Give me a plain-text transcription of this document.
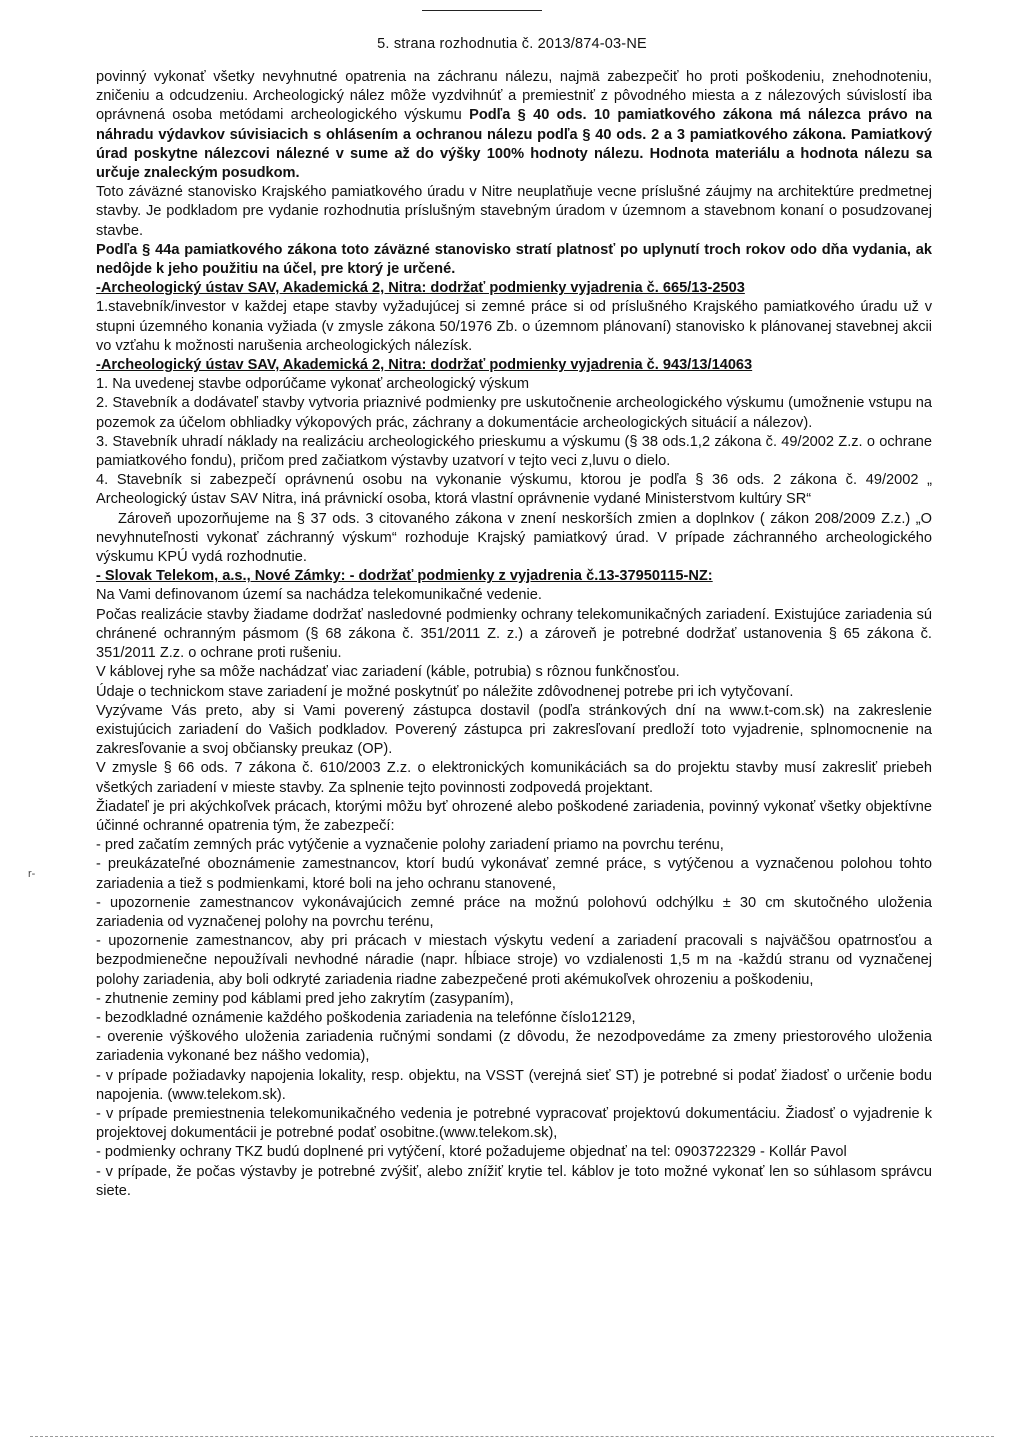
5. strana rozhodnutia č. 2013/874-03-NE

povinný vykonať všetky nevyhnutné opatrenia na záchranu nálezu, najmä zabezpečiť ho proti poškodeniu, znehodnoteniu, zničeniu a odcudzeniu. Archeologický nález môže vyzdvihnúť a premiestniť z pôvodného miesta a z nálezových súvislostí iba oprávnená osoba metódami archeologického výskumu Podľa § 40 ods. 10 pamiatkového zákona má nálezca právo na náhradu výdavkov súvisiacich s ohlásením a ochranou nálezu podľa § 40 ods. 2 a 3 pamiatkového zákona. Pamiatkový úrad poskytne nálezcovi nálezné v sume až do výšky 100% hodnoty nálezu. Hodnota materiálu a hodnota nálezu sa určuje znaleckým posudkom.

Toto záväzné stanovisko Krajského pamiatkového úradu v Nitre neuplatňuje vecne príslušné záujmy na architektúre predmetnej stavby. Je podkladom pre vydanie rozhodnutia príslušným stavebným úradom v územnom a stavebnom konaní o posudzovanej stavbe.

Podľa § 44a pamiatkového zákona toto záväzné stanovisko stratí platnosť po uplynutí troch rokov odo dňa vydania, ak nedôjde k jeho použitiu na účel, pre ktorý je určené.

-Archeologický ústav SAV, Akademická 2, Nitra: dodržať podmienky vyjadrenia č. 665/13-2503

1.stavebník/investor v každej etape stavby vyžadujúcej si zemné práce si od príslušného Krajského pamiatkového úradu už v stupni územného konania vyžiada (v zmysle zákona 50/1976 Zb. o územnom plánovaní) stanovisko k plánovanej stavebnej akcii vo vzťahu k možnosti narušenia archeologických nálezísk.

-Archeologický ústav SAV, Akademická 2, Nitra: dodržať podmienky vyjadrenia č. 943/13/14063

1. Na uvedenej stavbe odporúčame vykonať archeologický výskum

2. Stavebník a dodávateľ stavby vytvoria priaznivé podmienky pre uskutočnenie archeologického výskumu (umožnenie vstupu na pozemok za účelom obhliadky výkopových prác, záchrany a dokumentácie archeologických situácií a nálezov).

3. Stavebník uhradí náklady na realizáciu archeologického prieskumu a výskumu (§ 38 ods.1,2 zákona č. 49/2002 Z.z. o ochrane pamiatkového fondu), pričom pred začiatkom výstavby uzatvorí v tejto veci z,luvu o dielo.

4. Stavebník si zabezpečí oprávnenú osobu na vykonanie výskumu, ktorou je podľa § 36 ods. 2 zákona č. 49/2002 „ Archeologický ústav SAV Nitra, iná právnickí osoba, ktorá vlastní oprávnenie vydané Ministerstvom kultúry SR“

Zároveň upozorňujeme na § 37 ods. 3 citovaného zákona v znení neskorších zmien a doplnkov ( zákon 208/2009 Z.z.) „O nevyhnuteľnosti vykonať záchranný výskum“ rozhoduje Krajský pamiatkový úrad. V prípade záchranného archeologického výskumu KPÚ vydá rozhodnutie.

- Slovak Telekom, a.s., Nové Zámky: - dodržať podmienky z vyjadrenia č.13-37950115-NZ:

Na Vami definovanom území sa nachádza telekomunikačné vedenie.

Počas realizácie stavby žiadame dodržať nasledovné podmienky ochrany telekomunikačných zariadení. Existujúce zariadenia sú chránené ochranným pásmom (§ 68 zákona č. 351/2011 Z. z.) a zároveň je potrebné dodržať ustanovenia § 65 zákona č. 351/2011 Z.z. o ochrane proti rušeniu.

V káblovej ryhe sa môže nachádzať viac zariadení (káble, potrubia) s rôznou funkčnosťou.

Údaje o technickom stave zariadení je možné poskytnúť po náležite zdôvodnenej potrebe pri ich vytyčovaní.

Vyzývame Vás preto, aby si Vami poverený zástupca dostavil (podľa stránkových dní na www.t-com.sk) na zakreslenie existujúcich zariadení do Vašich podkladov. Poverený zástupca pri zakresľovaní predloží toto vyjadrenie, splnomocnenie na zakresľovanie a svoj občiansky preukaz (OP).

V zmysle § 66 ods. 7 zákona č. 610/2003 Z.z. o elektronických komunikáciách sa do projektu stavby musí zakresliť priebeh všetkých zariadení v mieste stavby. Za splnenie tejto povinnosti zodpovedá projektant.

Žiadateľ je pri akýchkoľvek prácach, ktorými môžu byť ohrozené alebo poškodené zariadenia, povinný vykonať všetky objektívne účinné ochranné opatrenia tým, že zabezpečí:

- pred začatím zemných prác vytýčenie a vyznačenie polohy zariadení priamo na povrchu terénu,

- preukázateľné oboznámenie zamestnancov, ktorí budú vykonávať zemné práce, s vytýčenou a vyznačenou polohou tohto zariadenia a tiež s podmienkami, ktoré boli na jeho ochranu stanovené,

- upozornenie zamestnancov vykonávajúcich zemné práce na možnú polohovú odchýlku ± 30 cm skutočného uloženia zariadenia od vyznačenej polohy na povrchu terénu,

- upozornenie zamestnancov, aby pri prácach v miestach výskytu vedení a zariadení pracovali s najväčšou opatrnosťou a bezpodmienečne nepoužívali nevhodné náradie (napr. hĺbiace stroje) vo vzdialenosti 1,5 m na -každú stranu od vyznačenej polohy zariadenia, aby boli odkryté zariadenia riadne zabezpečené proti akémukoľvek ohrozeniu a poškodeniu,

- zhutnenie zeminy pod káblami pred jeho zakrytím (zasypaním),

- bezodkladné oznámenie každého poškodenia zariadenia na telefónne číslo12129,

- overenie výškového uloženia zariadenia ručnými sondami (z dôvodu, že nezodpovedáme za zmeny priestorového uloženia zariadenia vykonané bez nášho vedomia),

- v prípade požiadavky napojenia lokality, resp. objektu, na VSST (verejná sieť ST) je potrebné si podať žiadosť o určenie bodu napojenia. (www.telekom.sk).

- v prípade premiestnenia telekomunikačného vedenia je potrebné vypracovať projektovú dokumentáciu. Žiadosť o vyjadrenie k projektovej dokumentácii je potrebné podať osobitne.(www.telekom.sk),

- podmienky ochrany TKZ budú doplnené pri vytýčení, ktoré požadujeme objednať na tel: 0903722329 - Kollár Pavol

- v prípade, že počas výstavby je potrebné zvýšiť, alebo znížiť krytie tel. káblov je toto možné vykonať len so súhlasom správcu siete.

r-
